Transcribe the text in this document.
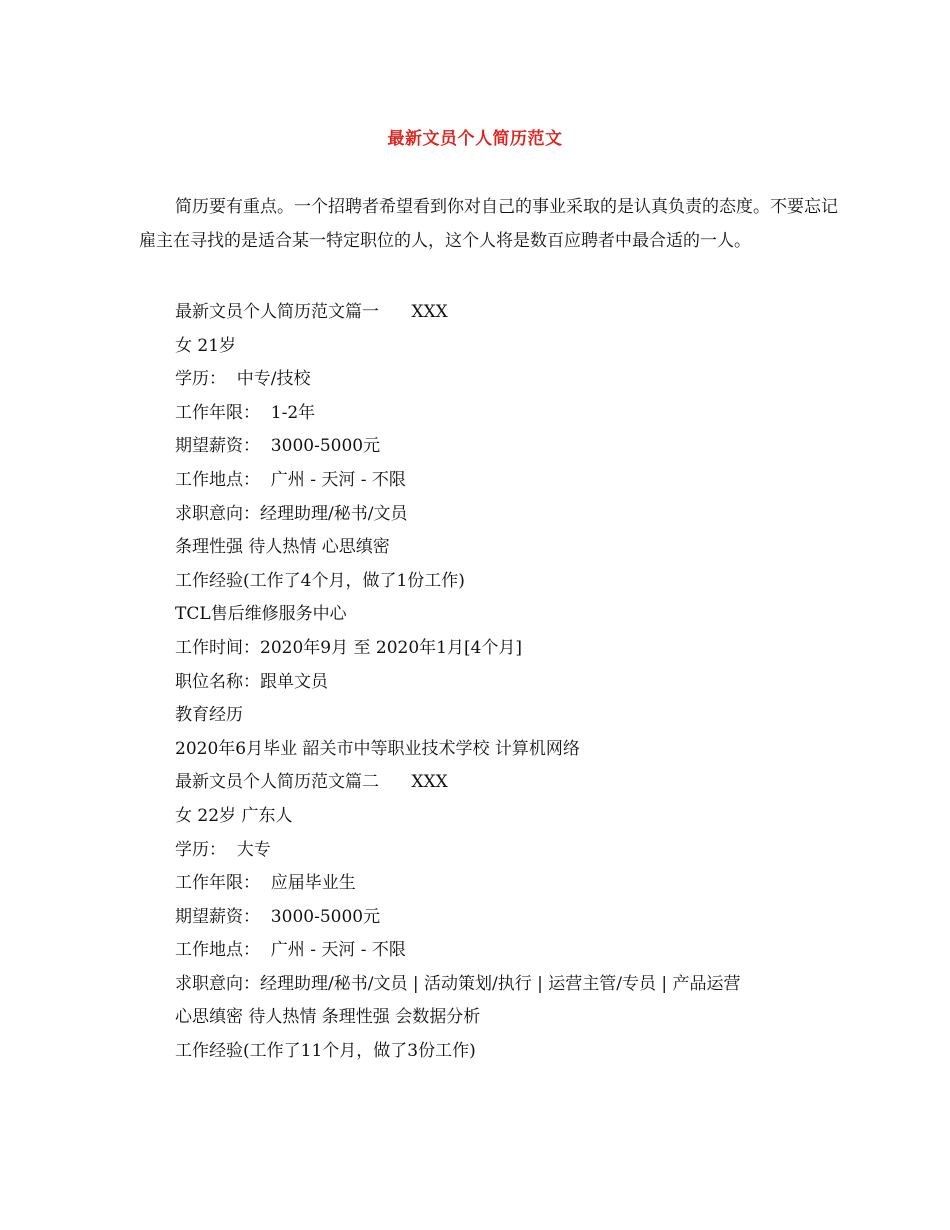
最新文员个人简历范文

简历要有重点。一个招聘者希望看到你对自己的事业采取的是认真负责的态度。不要忘记雇主在寻找的是适合某一特定职位的人，这个人将是数百应聘者中最合适的一人。

最新文员个人简历范文篇一      XXX
女 21岁
学历：  中专/技校
工作年限：  1-2年
期望薪资：  3000-5000元
工作地点：  广州 - 天河 - 不限
求职意向：经理助理/秘书/文员
条理性强 待人热情 心思缜密
工作经验(工作了4个月，做了1份工作)
TCL售后维修服务中心
工作时间：2020年9月 至 2020年1月[4个月]
职位名称：跟单文员
教育经历
2020年6月毕业 韶关市中等职业技术学校 计算机网络
最新文员个人简历范文篇二      XXX
女 22岁 广东人
学历：  大专
工作年限：  应届毕业生
期望薪资：  3000-5000元
工作地点：  广州 - 天河 - 不限
求职意向：经理助理/秘书/文员 | 活动策划/执行 | 运营主管/专员 | 产品运营
心思缜密 待人热情 条理性强 会数据分析
工作经验(工作了11个月，做了3份工作)
